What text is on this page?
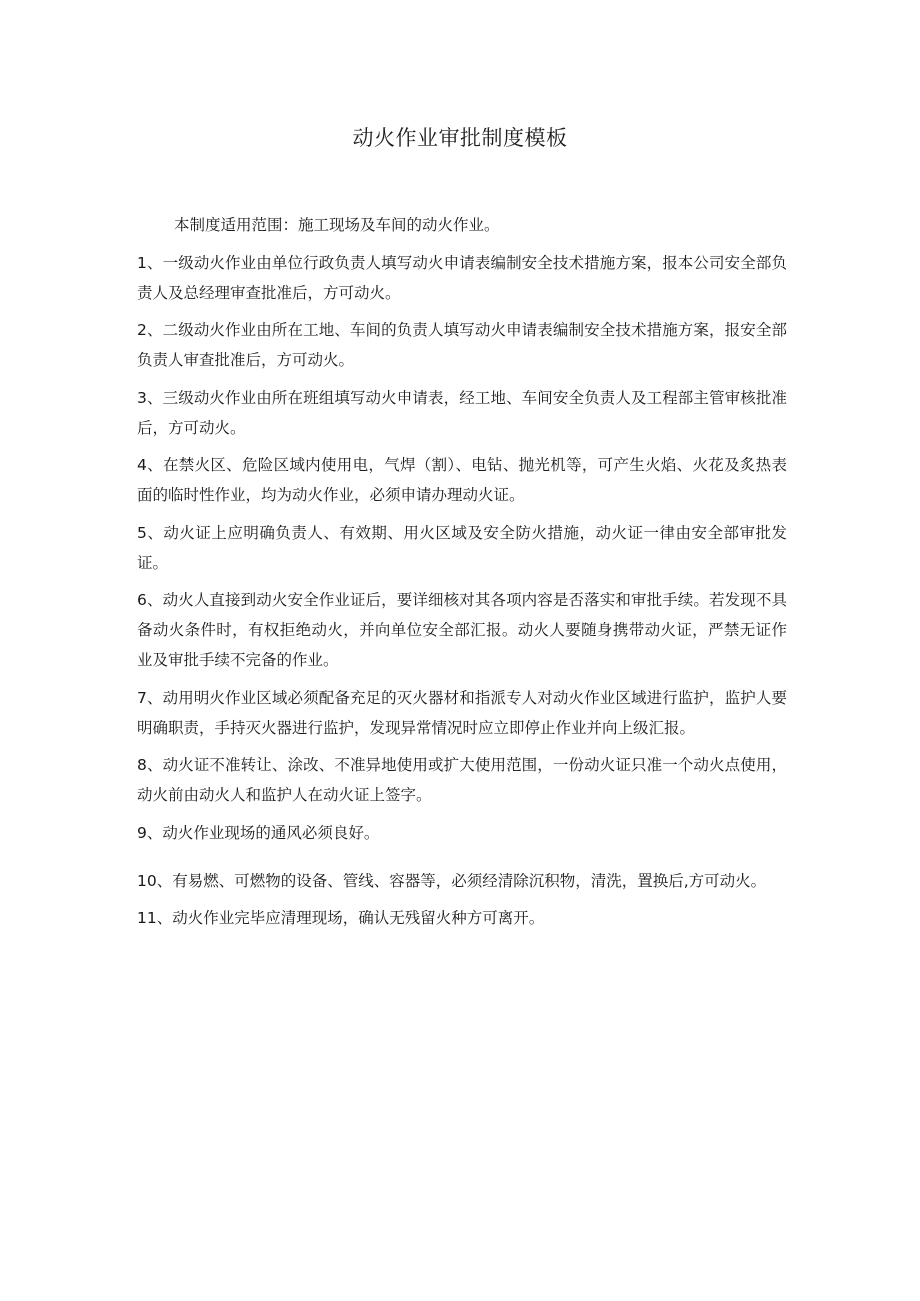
动火作业审批制度模板

本制度适用范围：施工现场及车间的动火作业。

1、一级动火作业由单位行政负责人填写动火申请表编制安全技术措施方案，报本公司安全部负责人及总经理审查批准后，方可动火。

2、二级动火作业由所在工地、车间的负责人填写动火申请表编制安全技术措施方案，报安全部负责人审查批准后，方可动火。

3、三级动火作业由所在班组填写动火申请表，经工地、车间安全负责人及工程部主管审核批准后，方可动火。

4、在禁火区、危险区域内使用电，气焊（割）、电钻、抛光机等，可产生火焰、火花及炙热表面的临时性作业，均为动火作业，必须申请办理动火证。

5、动火证上应明确负责人、有效期、用火区域及安全防火措施，动火证一律由安全部审批发证。

6、动火人直接到动火安全作业证后，要详细核对其各项内容是否落实和审批手续。若发现不具备动火条件时，有权拒绝动火，并向单位安全部汇报。动火人要随身携带动火证，严禁无证作业及审批手续不完备的作业。

7、动用明火作业区域必须配备充足的灭火器材和指派专人对动火作业区域进行监护，监护人要明确职责，手持灭火器进行监护，发现异常情况时应立即停止作业并向上级汇报。

8、动火证不准转让、涂改、不准异地使用或扩大使用范围，一份动火证只准一个动火点使用，动火前由动火人和监护人在动火证上签字。

9、动火作业现场的通风必须良好。

10、有易燃、可燃物的设备、管线、容器等，必须经清除沉积物，清洗，置换后,方可动火。

11、动火作业完毕应清理现场，确认无残留火种方可离开。
